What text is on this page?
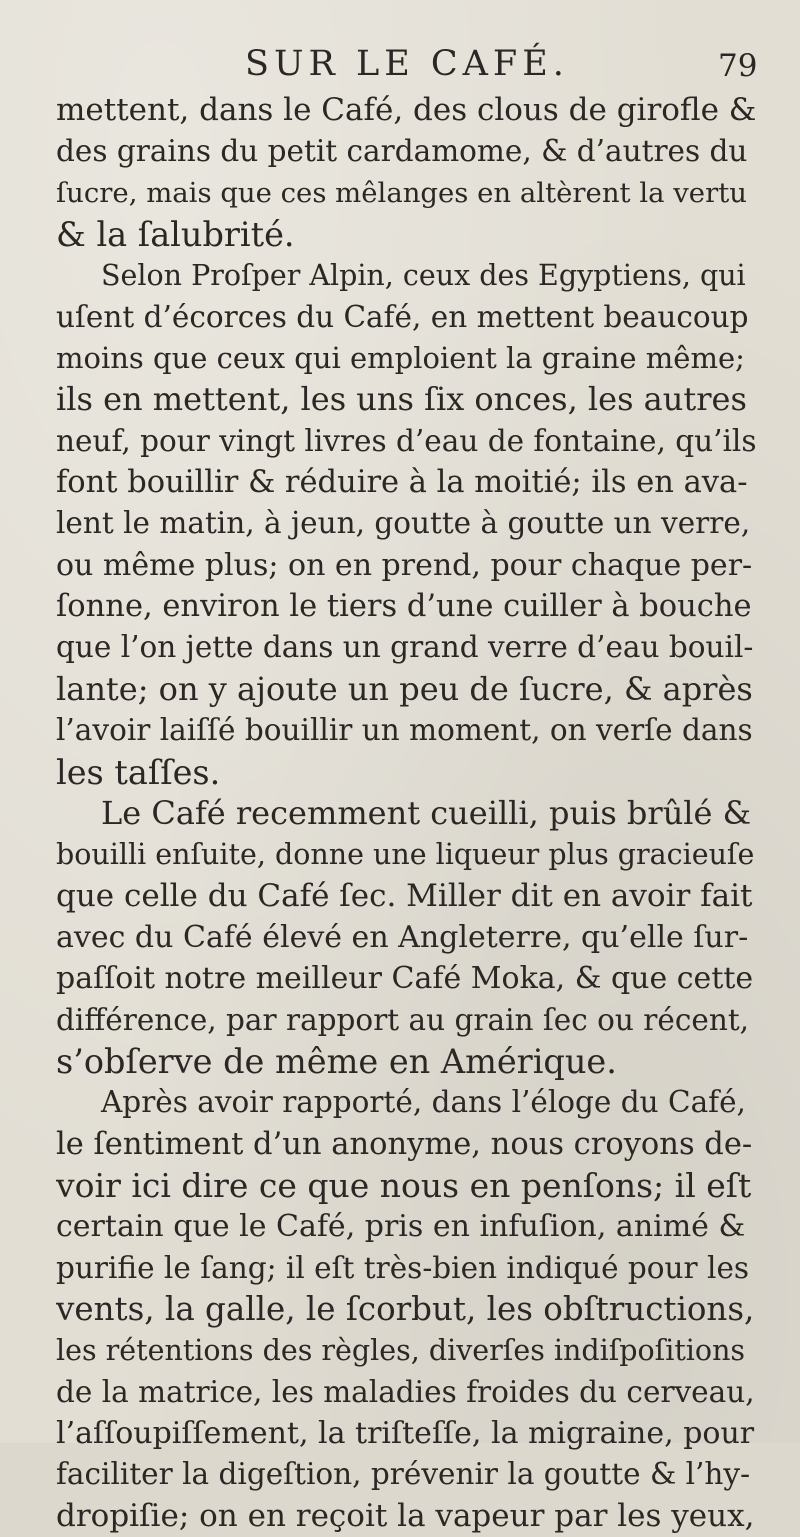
SUR LE CAFÉ.	79
mettent, dans le Café, des clous de girofle &
des grains du petit cardamome, & d’autres du
ſucre, mais que ces mêlanges en altèrent la vertu
& la ſalubrité.
Selon Proſper Alpin, ceux des Egyptiens, qui
uſent d’écorces du Café, en mettent beaucoup
moins que ceux qui emploient la graine même;
ils en mettent, les uns ſix onces, les autres
neuf, pour vingt livres d’eau de fontaine, qu’ils
font bouillir & réduire à la moitié; ils en ava-
lent le matin, à jeun, goutte à goutte un verre,
ou même plus; on en prend, pour chaque per-
ſonne, environ le tiers d’une cuiller à bouche
que l’on jette dans un grand verre d’eau bouil-
lante; on y ajoute un peu de ſucre, & après
l’avoir laiſſé bouillir un moment, on verſe dans
les taſſes.
Le Café recemment cueilli, puis brûlé &
bouilli enſuite, donne une liqueur plus gracieuſe
que celle du Café ſec. Miller dit en avoir fait
avec du Café élevé en Angleterre, qu’elle ſur-
paſſoit notre meilleur Café Moka, & que cette
différence, par rapport au grain ſec ou récent,
s’obſerve de même en Amérique.
Après avoir rapporté, dans l’éloge du Café,
le ſentiment d’un anonyme, nous croyons de-
voir ici dire ce que nous en penſons; il eſt
certain que le Café, pris en infuſion, animé &
purifie le ſang; il eſt très-bien indiqué pour les
vents, la galle, le ſcorbut, les obſtructions,
les rétentions des règles, diverſes indiſpoſitions
de la matrice, les maladies froides du cerveau,
l’aſſoupiſſement, la triſteſſe, la migraine, pour
faciliter la digeſtion, prévenir la goutte & l’hy-
dropiſie; on en reçoit la vapeur par les yeux,
